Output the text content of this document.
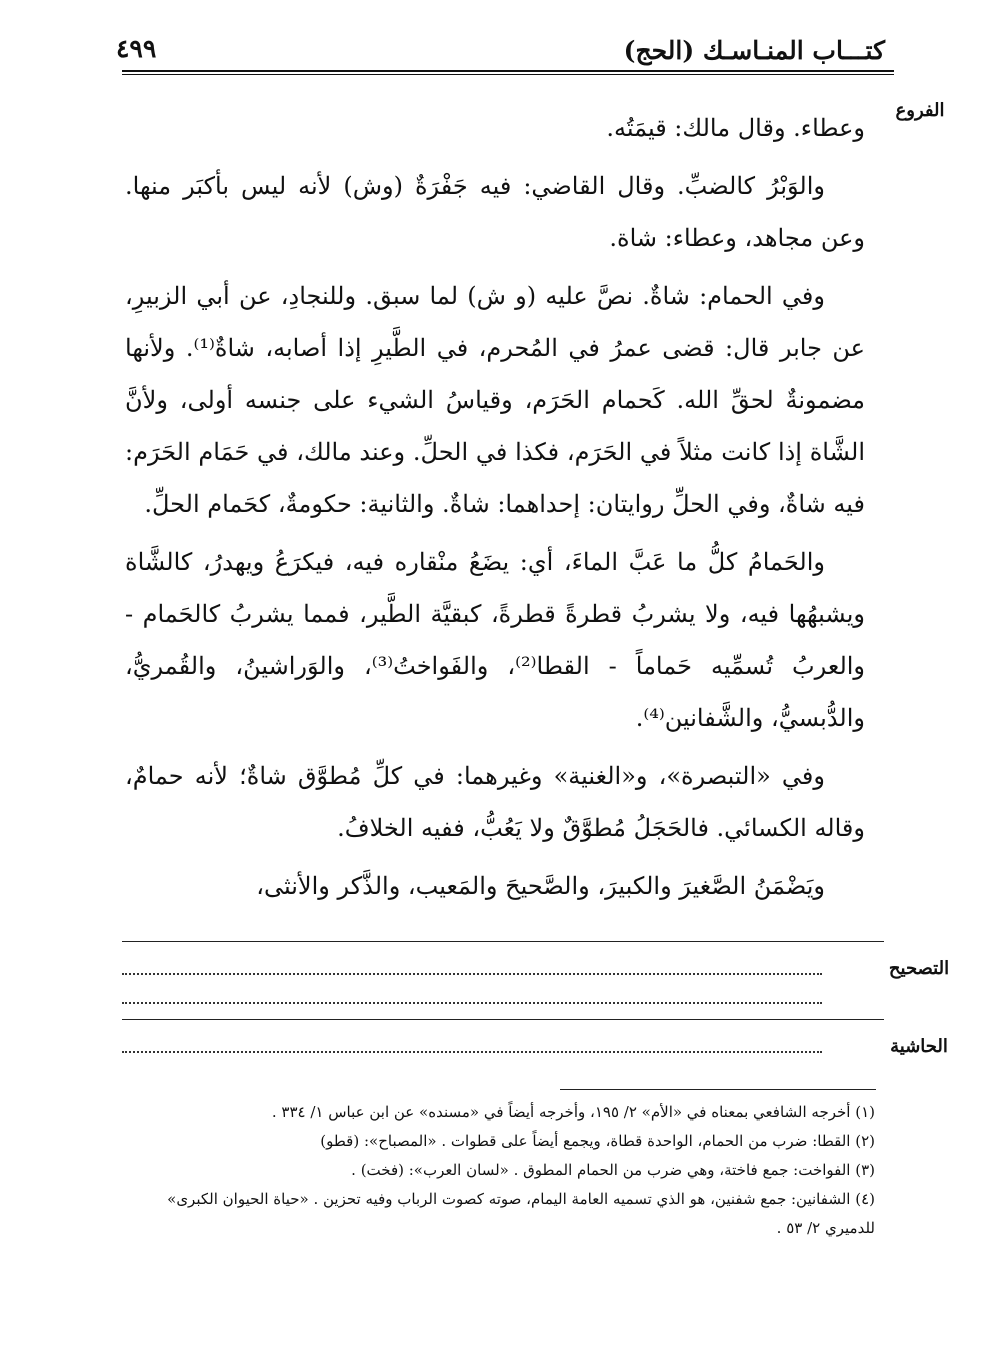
كتـــاب المنـاسـك (الحج)
٤٩٩
الفروع

وعطاء. وقال مالك: قيمَتُه.

والوَبْرُ كالضبِّ. وقال القاضي: فيه جَفْرَةٌ (وش) لأنه ليس بأكبَر منها. وعن مجاهد، وعطاء: شاة.

وفي الحمام: شاةٌ. نصَّ عليه (و ش) لما سبق. وللنجادِ، عن أبي الزبيرِ، عن جابر قال: قضى عمرُ في المُحرم، في الطَّيرِ إذا أصابه، شاةٌ⁽¹⁾. ولأنها مضمونةٌ لحقِّ الله. كَحمام الحَرَم، وقياسُ الشيء على جنسه أولى، ولأنَّ الشَّاة إذا كانت مثلاً في الحَرَم، فكذا في الحلِّ. وعند مالك، في حَمَام الحَرَم: فيه شاةٌ، وفي الحلِّ روايتان: إحداهما: شاةٌ. والثانية: حكومةٌ، كحَمام الحلِّ.

والحَمامُ كلُّ ما عَبَّ الماءَ، أي: يضَعُ منْقاره فيه، فيكرَعُ ويهدرُ، كالشَّاة ويشبهُها فيه، ولا يشربُ قطرةً قطرةً، كبقيَّة الطَّير، فمما يشربُ كالحَمام - والعربُ تُسمِّيه حَماماً - القطا⁽²⁾، والفَواختُ⁽³⁾، والوَراشينُ، والقُمريُّ، والدُّبسيُّ، والشَّفانين⁽⁴⁾.

وفي «التبصرة»، و«الغنية» وغيرهما: في كلِّ مُطوَّق شاةٌ؛ لأنه حمامٌ، وقاله الكسائي. فالحَجَلُ مُطوَّقٌ ولا يَعُبُّ، ففيه الخلافُ.

ويَضْمَنُ الصَّغيرَ والكبيرَ، والصَّحيحَ والمَعيب، والذَّكر والأنثى،

التصحيح
الحاشية

(١) أخرجه الشافعي بمعناه في «الأم» ٢/ ١٩٥، وأخرجه أيضاً في «مسنده» عن ابن عباس ١/ ٣٣٤ .

(٢) القطا: ضرب من الحمام، الواحدة قطاة، ويجمع أيضاً على قطوات . «المصباح»: (قطو)

(٣) الفواخت: جمع فاختة، وهي ضرب من الحمام المطوق . «لسان العرب»: (فخت) .

(٤) الشفانين: جمع شفنين، هو الذي تسميه العامة اليمام، صوته كصوت الرباب وفيه تحزين . «حياة الحيوان الكبرى» للدميري ٢/ ٥٣ .
